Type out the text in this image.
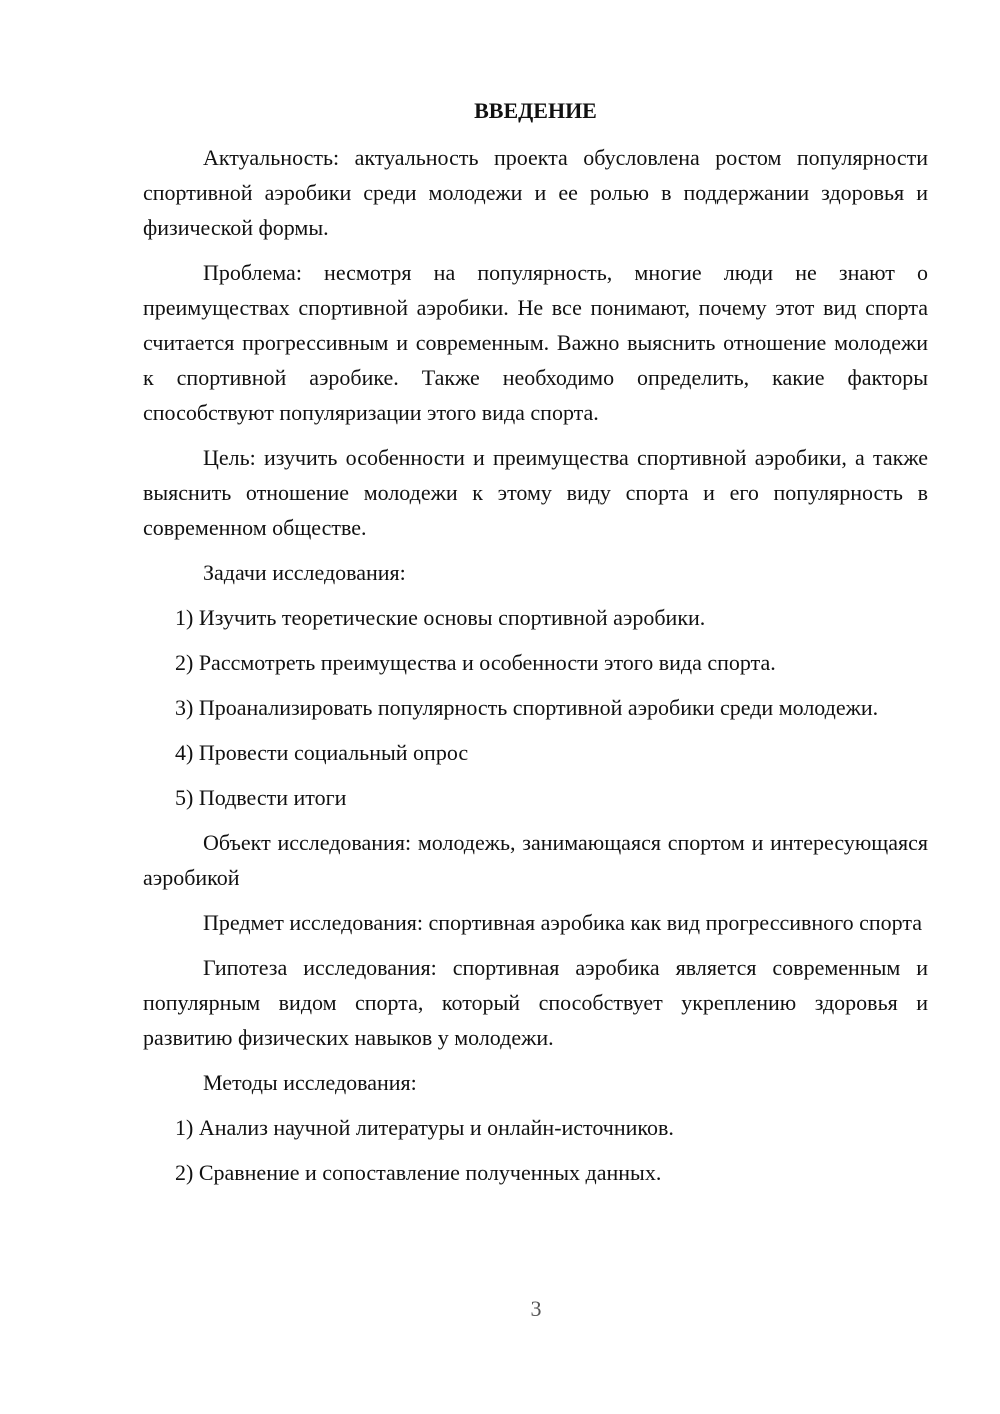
ВВЕДЕНИЕ

Актуальность: актуальность проекта обусловлена ростом популярности спортивной аэробики среди молодежи и ее ролью в поддержании здоровья и физической формы.

Проблема: несмотря на популярность, многие люди не знают о преимуществах спортивной аэробики. Не все понимают, почему этот вид спорта считается прогрессивным и современным. Важно выяснить отношение молодежи к спортивной аэробике. Также необходимо определить, какие факторы способствуют популяризации этого вида спорта.

Цель: изучить особенности и преимущества спортивной аэробики, а также выяснить отношение молодежи к этому виду спорта и его популярность в современном обществе.

Задачи исследования:

1) Изучить теоретические основы спортивной аэробики.

2) Рассмотреть преимущества и особенности этого вида спорта.

3) Проанализировать популярность спортивной аэробики среди молодежи.

4) Провести социальный опрос

5) Подвести итоги

Объект исследования: молодежь, занимающаяся спортом и интересующаяся аэробикой

Предмет исследования: спортивная аэробика как вид прогрессивного спорта

Гипотеза исследования: спортивная аэробика является современным и популярным видом спорта, который способствует укреплению здоровья и развитию физических навыков у молодежи.

Методы исследования:

1) Анализ научной литературы и онлайн-источников.

2) Сравнение и сопоставление полученных данных.

3
